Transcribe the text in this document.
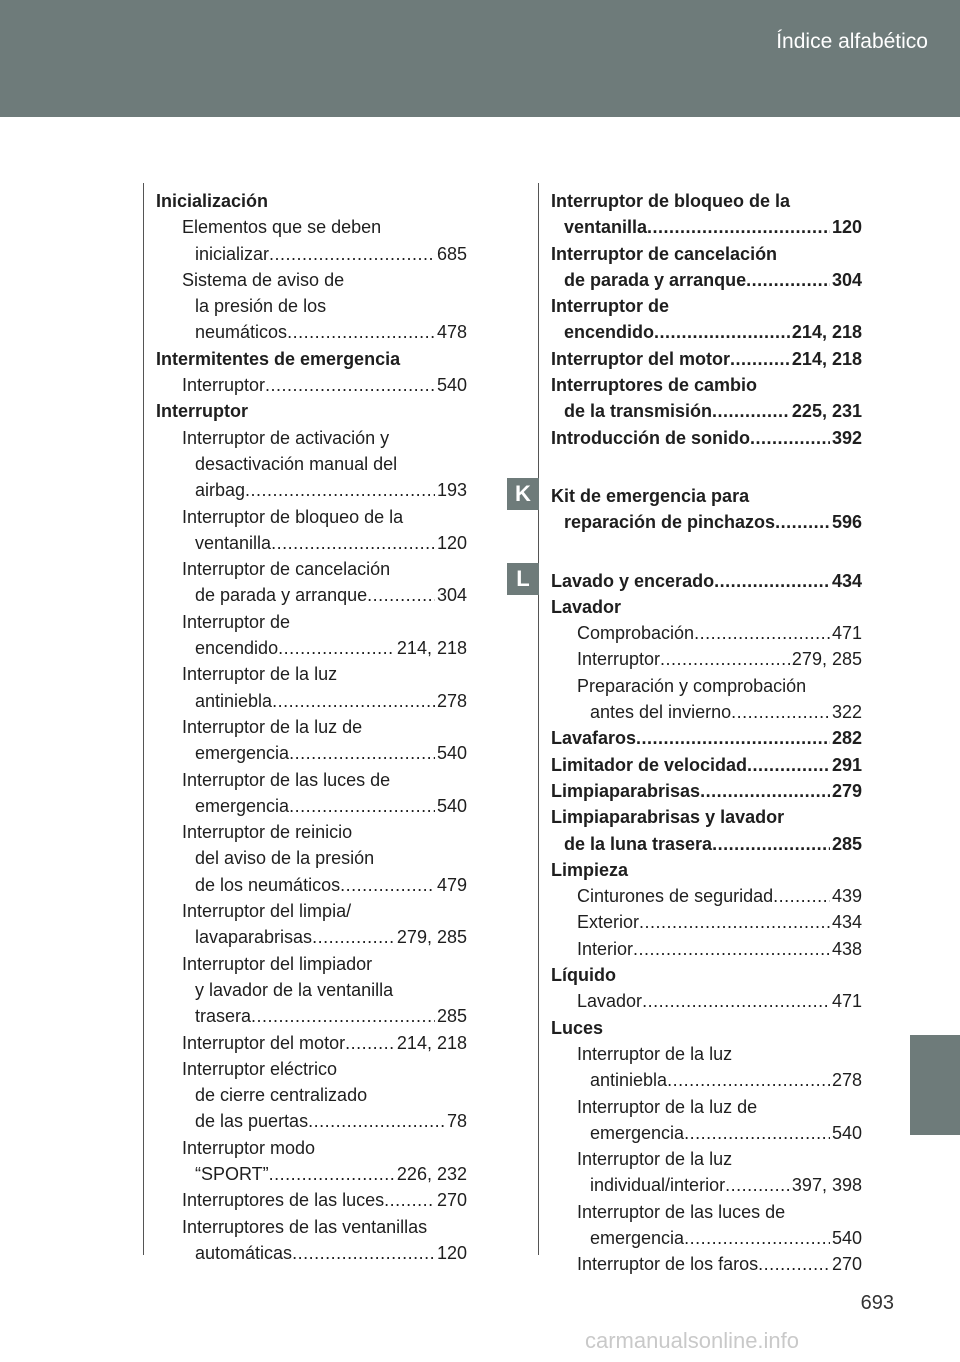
Índice alfabético
Inicialización
Elementos que se deben
inicializar .....	685
Sistema de aviso de
la presión de los
neumáticos .....	478
Intermitentes de emergencia
Interruptor .....	540
Interruptor
Interruptor de activación y
desactivación manual del
airbag .....	193
Interruptor de bloqueo de la
ventanilla .....	120
Interruptor de cancelación
de parada y arranque .....	304
Interruptor de
encendido .....	214, 218
Interruptor de la luz
antiniebla .....	278
Interruptor de la luz de
emergencia .....	540
Interruptor de las luces de
emergencia .....	540
Interruptor de reinicio
del aviso de la presión
de los neumáticos .....	479
Interruptor del limpia/
lavaparabrisas .....	279, 285
Interruptor del limpiador
y lavador de la ventanilla
trasera .....	285
Interruptor del motor .....	214, 218
Interruptor eléctrico
de cierre centralizado
de las puertas .....	78
Interruptor modo
“SPORT” .....	226, 232
Interruptores de las luces .....	270
Interruptores de las ventanillas
automáticas .....	120
Interruptor de bloqueo de la
ventanilla .....	120
Interruptor de cancelación
de parada y arranque .....	304
Interruptor de
encendido .....	214, 218
Interruptor del motor .....	214, 218
Interruptores de cambio
de la transmisión .....	225, 231
Introducción de sonido .....	392
Kit de emergencia para
reparación de pinchazos .....	596
Lavado y encerado .....	434
Lavador
Comprobación .....	471
Interruptor .....	279, 285
Preparación y comprobación
antes del invierno .....	322
Lavafaros .....	282
Limitador de velocidad .....	291
Limpiaparabrisas .....	279
Limpiaparabrisas y lavador
de la luna trasera .....	285
Limpieza
Cinturones de seguridad .....	439
Exterior .....	434
Interior .....	438
Líquido
Lavador .....	471
Luces
Interruptor de la luz
antiniebla .....	278
Interruptor de la luz de
emergencia .....	540
Interruptor de la luz
individual/interior .....	397, 398
Interruptor de las luces de
emergencia .....	540
Interruptor de los faros .....	270
K
L
693
carmanualsonline.info
